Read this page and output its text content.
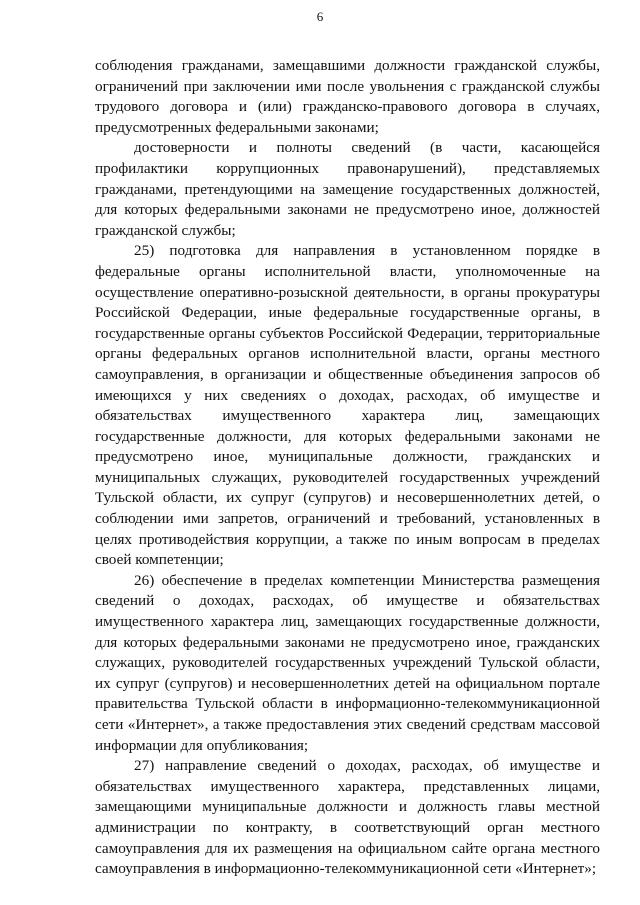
6

соблюдения гражданами, замещавшими должности гражданской службы, ограничений при заключении ими после увольнения с гражданской службы трудового договора и (или) гражданско-правового договора в случаях, предусмотренных федеральными законами;

достоверности и полноты сведений (в части, касающейся профилактики коррупционных правонарушений), представляемых гражданами, претендующими на замещение государственных должностей, для которых федеральными законами не предусмотрено иное, должностей гражданской службы;

25) подготовка для направления в установленном порядке в федеральные органы исполнительной власти, уполномоченные на осуществление оперативно-розыскной деятельности, в органы прокуратуры Российской Федерации, иные федеральные государственные органы, в государственные органы субъектов Российской Федерации, территориальные органы федеральных органов исполнительной власти, органы местного самоуправления, в организации и общественные объединения запросов об имеющихся у них сведениях о доходах, расходах, об имуществе и обязательствах имущественного характера лиц, замещающих государственные должности, для которых федеральными законами не предусмотрено иное, муниципальные должности, гражданских и муниципальных служащих, руководителей государственных учреждений Тульской области, их супруг (супругов) и несовершеннолетних детей, о соблюдении ими запретов, ограничений и требований, установленных в целях противодействия коррупции, а также по иным вопросам в пределах своей компетенции;

26) обеспечение в пределах компетенции Министерства размещения сведений о доходах, расходах, об имуществе и обязательствах имущественного характера лиц, замещающих государственные должности, для которых федеральными законами не предусмотрено иное, гражданских служащих, руководителей государственных учреждений Тульской области, их супруг (супругов) и несовершеннолетних детей на официальном портале правительства Тульской области в информационно-телекоммуникационной сети «Интернет», а также предоставления этих сведений средствам массовой информации для опубликования;

27) направление сведений о доходах, расходах, об имуществе и обязательствах имущественного характера, представленных лицами, замещающими муниципальные должности и должность главы местной администрации по контракту, в соответствующий орган местного самоуправления для их размещения на официальном сайте органа местного самоуправления в информационно-телекоммуникационной сети «Интернет»;
